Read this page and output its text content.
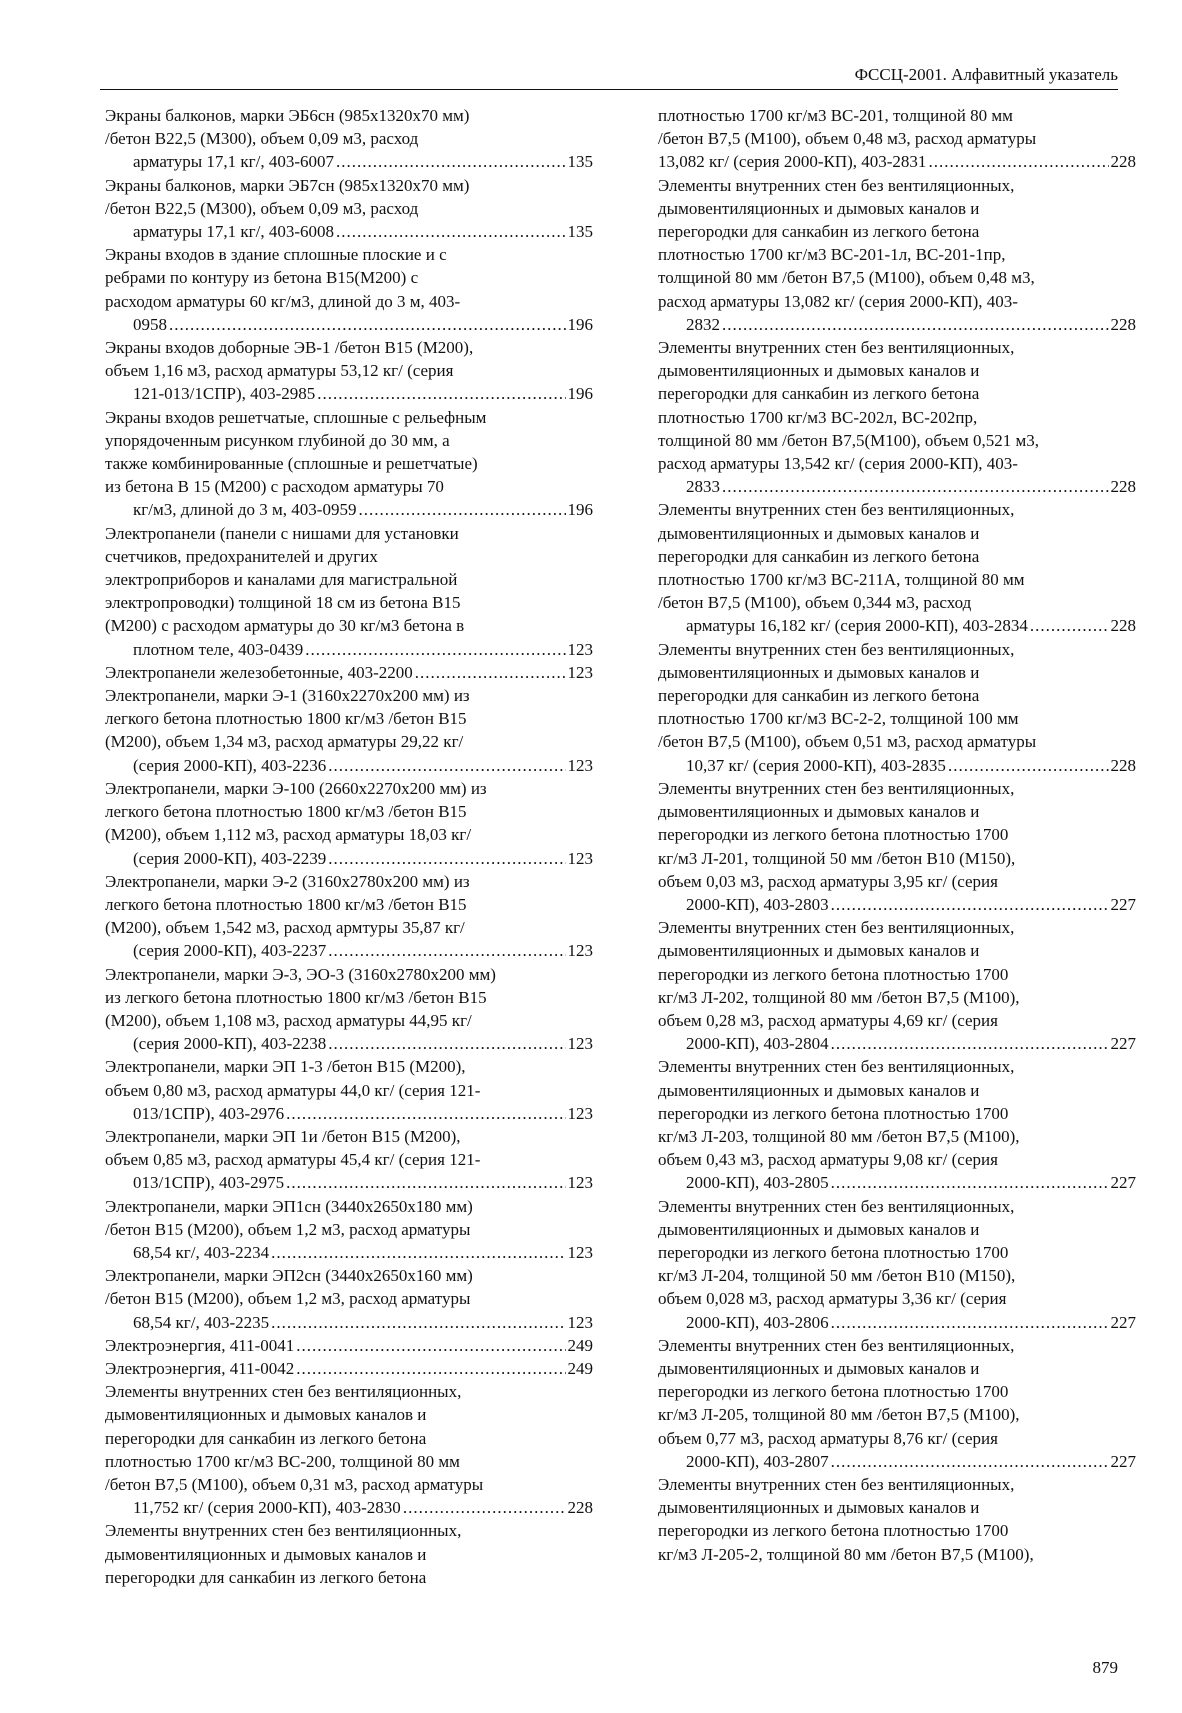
ФССЦ-2001. Алфавитный указатель
Экраны балконов, марки ЭБ6сн (985x1320x70 мм)
/бетон В22,5 (М300), объем 0,09 м3, расход
арматуры 17,1 кг/, 403-6007 .....	135
Экраны балконов, марки ЭБ7сн (985x1320x70 мм)
/бетон В22,5 (М300), объем 0,09 м3, расход
арматуры 17,1 кг/, 403-6008 .....	135
Экраны входов в здание сплошные плоские и с
ребрами по контуру из бетона В15(М200) с
расходом арматуры 60 кг/м3, длиной до 3 м, 403-
0958 .....	196
Экраны входов доборные ЭВ-1 /бетон В15 (М200),
объем 1,16 м3, расход арматуры 53,12 кг/ (серия
121-013/1СПР), 403-2985 .....	196
Экраны входов решетчатые, сплошные с рельефным
упорядоченным рисунком глубиной до 30 мм, а
также комбинированные (сплошные и решетчатые)
из бетона В 15 (М200) с расходом арматуры 70
кг/м3, длиной до 3 м, 403-0959 .....	196
Электропанели (панели с нишами для установки
счетчиков, предохранителей и других
электроприборов и каналами для магистральной
электропроводки) толщиной 18 см из бетона В15
(М200) с расходом арматуры до 30 кг/м3 бетона в
плотном теле, 403-0439 .....	123
Электропанели железобетонные, 403-2200 .....	123
Электропанели, марки Э-1 (3160x2270x200 мм) из
легкого бетона плотностью 1800 кг/м3 /бетон В15
(М200), объем 1,34 м3, расход арматуры 29,22 кг/
(серия 2000-КП), 403-2236 .....	123
Электропанели, марки Э-100 (2660x2270x200 мм) из
легкого бетона плотностью 1800 кг/м3 /бетон В15
(М200), объем 1,112 м3, расход арматуры 18,03 кг/
(серия 2000-КП), 403-2239 .....	123
Электропанели, марки Э-2 (3160x2780x200 мм) из
легкого бетона плотностью 1800 кг/м3 /бетон В15
(М200), объем 1,542 м3, расход армтуры 35,87 кг/
(серия 2000-КП), 403-2237 .....	123
Электропанели, марки Э-3, ЭО-3 (3160x2780x200 мм)
из легкого бетона плотностью 1800 кг/м3 /бетон В15
(М200), объем 1,108 м3, расход арматуры 44,95 кг/
(серия 2000-КП), 403-2238 .....	123
Электропанели, марки ЭП 1-3 /бетон В15 (М200),
объем 0,80 м3, расход арматуры 44,0 кг/ (серия 121-
013/1СПР), 403-2976 .....	123
Электропанели, марки ЭП 1и /бетон В15 (М200),
объем 0,85 м3, расход арматуры 45,4 кг/ (серия 121-
013/1СПР), 403-2975 .....	123
Электропанели, марки ЭП1сн (3440x2650x180 мм)
/бетон В15 (М200), объем 1,2 м3, расход арматуры
68,54 кг/, 403-2234 .....	123
Электропанели, марки ЭП2сн (3440x2650x160 мм)
/бетон В15 (М200), объем 1,2 м3, расход арматуры
68,54 кг/, 403-2235 .....	123
Электроэнергия, 411-0041 .....	249
Электроэнергия, 411-0042 .....	249
Элементы внутренних стен без вентиляционных,
дымовентиляционных и дымовых каналов и
перегородки для санкабин из легкого бетона
плотностью 1700 кг/м3 ВС-200, толщиной 80 мм
/бетон В7,5 (М100), объем 0,31 м3, расход арматуры
11,752 кг/ (серия 2000-КП), 403-2830 .....	228
Элементы внутренних стен без вентиляционных,
дымовентиляционных и дымовых каналов и
перегородки для санкабин из легкого бетона
плотностью 1700 кг/м3 ВС-201, толщиной 80 мм
/бетон В7,5 (М100), объем 0,48 м3, расход арматуры
13,082 кг/ (серия 2000-КП), 403-2831 .....	228
Элементы внутренних стен без вентиляционных,
дымовентиляционных и дымовых каналов и
перегородки для санкабин из легкого бетона
плотностью 1700 кг/м3 ВС-201-1л, ВС-201-1пр,
толщиной 80 мм /бетон В7,5 (М100), объем 0,48 м3,
расход арматуры 13,082 кг/ (серия 2000-КП), 403-
2832 .....	228
Элементы внутренних стен без вентиляционных,
дымовентиляционных и дымовых каналов и
перегородки для санкабин из легкого бетона
плотностью 1700 кг/м3 ВС-202л, ВС-202пр,
толщиной 80 мм /бетон В7,5(М100), объем 0,521 м3,
расход арматуры 13,542 кг/ (серия 2000-КП), 403-
2833 .....	228
Элементы внутренних стен без вентиляционных,
дымовентиляционных и дымовых каналов и
перегородки для санкабин из легкого бетона
плотностью 1700 кг/м3 ВС-211А, толщиной 80 мм
/бетон В7,5 (М100), объем 0,344 м3, расход
арматуры 16,182 кг/ (серия 2000-КП), 403-2834 .....	228
Элементы внутренних стен без вентиляционных,
дымовентиляционных и дымовых каналов и
перегородки для санкабин из легкого бетона
плотностью 1700 кг/м3 ВС-2-2, толщиной 100 мм
/бетон В7,5 (М100), объем 0,51 м3, расход арматуры
10,37 кг/ (серия 2000-КП), 403-2835 .....	228
Элементы внутренних стен без вентиляционных,
дымовентиляционных и дымовых каналов и
перегородки из легкого бетона плотностью 1700
кг/м3 Л-201, толщиной 50 мм /бетон В10 (М150),
объем 0,03 м3, расход арматуры 3,95 кг/ (серия
2000-КП), 403-2803 .....	227
Элементы внутренних стен без вентиляционных,
дымовентиляционных и дымовых каналов и
перегородки из легкого бетона плотностью 1700
кг/м3 Л-202, толщиной 80 мм /бетон В7,5 (М100),
объем 0,28 м3, расход арматуры 4,69 кг/ (серия
2000-КП), 403-2804 .....	227
Элементы внутренних стен без вентиляционных,
дымовентиляционных и дымовых каналов и
перегородки из легкого бетона плотностью 1700
кг/м3 Л-203, толщиной 80 мм /бетон В7,5 (М100),
объем 0,43 м3, расход арматуры 9,08 кг/ (серия
2000-КП), 403-2805 .....	227
Элементы внутренних стен без вентиляционных,
дымовентиляционных и дымовых каналов и
перегородки из легкого бетона плотностью 1700
кг/м3 Л-204, толщиной 50 мм /бетон В10 (М150),
объем 0,028 м3, расход арматуры 3,36 кг/ (серия
2000-КП), 403-2806 .....	227
Элементы внутренних стен без вентиляционных,
дымовентиляционных и дымовых каналов и
перегородки из легкого бетона плотностью 1700
кг/м3 Л-205, толщиной 80 мм /бетон В7,5 (М100),
объем 0,77 м3, расход арматуры 8,76 кг/ (серия
2000-КП), 403-2807 .....	227
Элементы внутренних стен без вентиляционных,
дымовентиляционных и дымовых каналов и
перегородки из легкого бетона плотностью 1700
кг/м3 Л-205-2, толщиной 80 мм /бетон В7,5 (М100),
879
